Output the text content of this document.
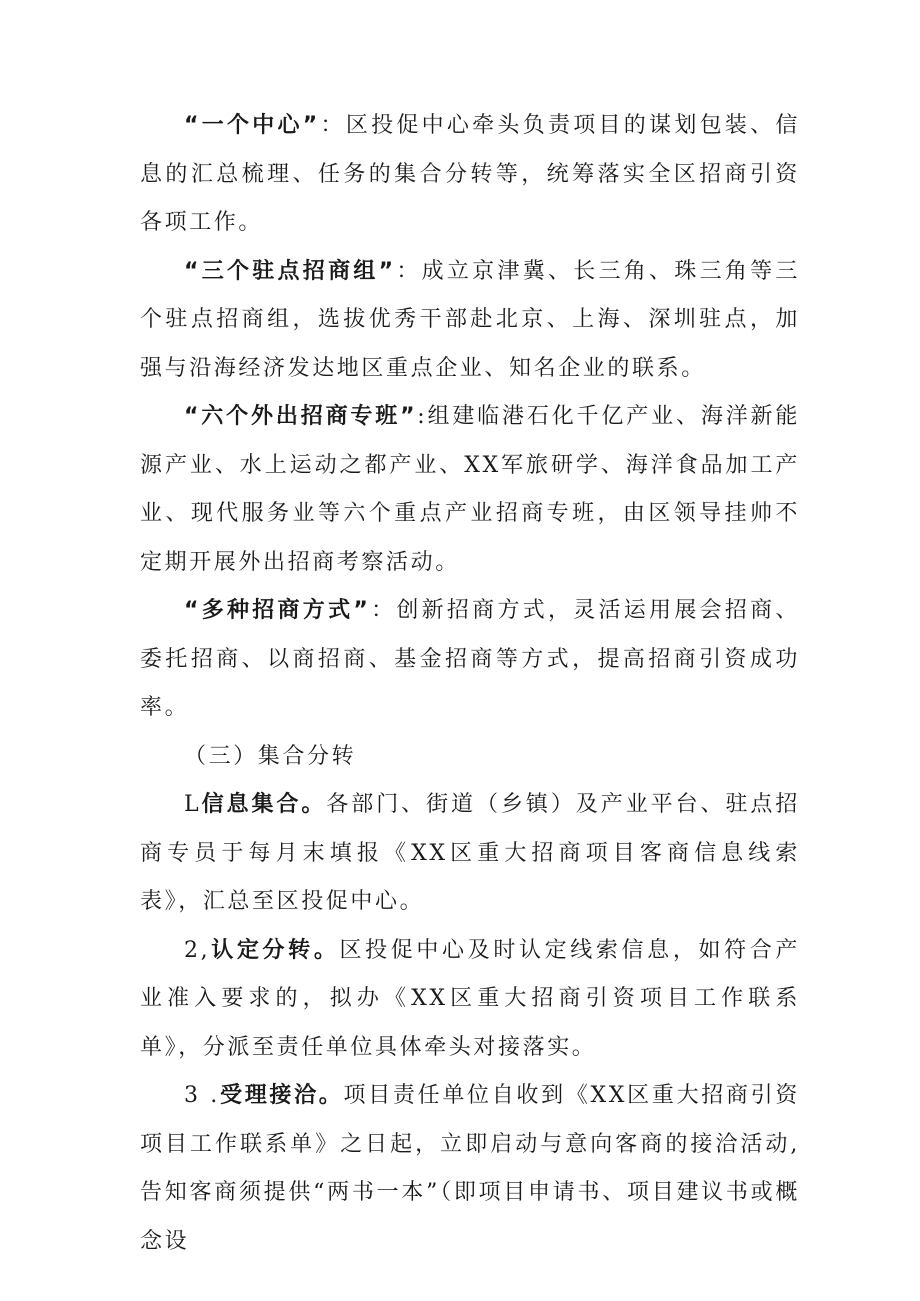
“一个中心”：区投促中心牵头负责项目的谋划包装、信息的汇总梳理、任务的集合分转等，统筹落实全区招商引资各项工作。

“三个驻点招商组”：成立京津冀、长三角、珠三角等三个驻点招商组，选拔优秀干部赴北京、上海、深圳驻点，加强与沿海经济发达地区重点企业、知名企业的联系。

“六个外出招商专班”:组建临港石化千亿产业、海洋新能源产业、水上运动之都产业、XX军旅研学、海洋食品加工产业、现代服务业等六个重点产业招商专班，由区领导挂帅不定期开展外出招商考察活动。

“多种招商方式”：创新招商方式，灵活运用展会招商、委托招商、以商招商、基金招商等方式，提高招商引资成功率。

（三）集合分转

L信息集合。各部门、街道（乡镇）及产业平台、驻点招商专员于每月末填报《XX区重大招商项目客商信息线索表》，汇总至区投促中心。

2,认定分转。区投促中心及时认定线索信息，如符合产业准入要求的，拟办《XX区重大招商引资项目工作联系单》，分派至责任单位具体牵头对接落实。

3 .受理接洽。项目责任单位自收到《XX区重大招商引资项目工作联系单》之日起，立即启动与意向客商的接洽活动,告知客商须提供“两书一本”（即项目申请书、项目建议书或概念设
